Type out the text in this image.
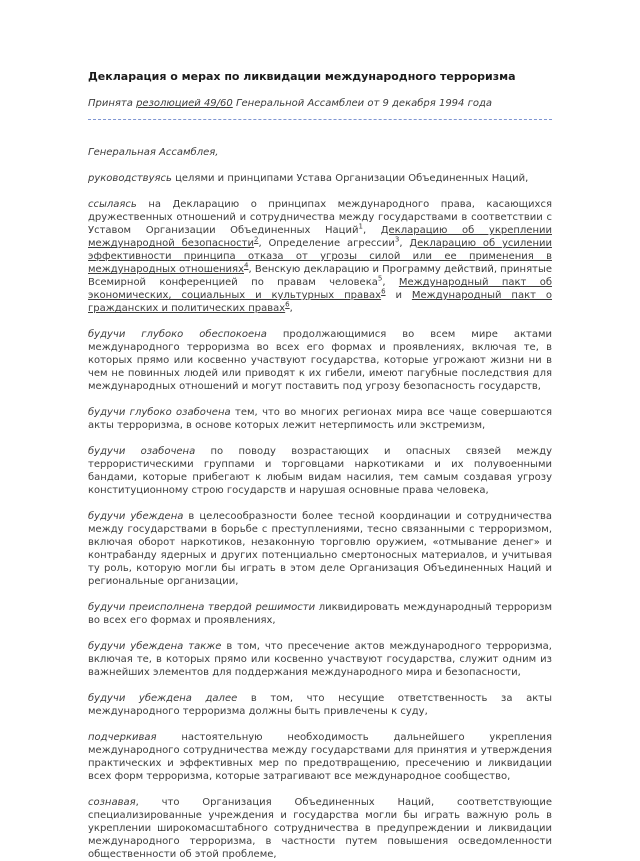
Декларация о мерах по ликвидации международного терроризма

Принята резолюцией 49/60 Генеральной Ассамблеи от 9 декабря 1994 года

Генеральная Ассамблея,

руководствуясь целями и принципами Устава Организации Объединенных Наций,

ссылаясь на Декларацию о принципах международного права, касающихся дружественных отношений и сотрудничества между государствами в соответствии с Уставом Организации Объединенных Наций$^1$, Декларацию об укреплении международной безопасности$^2$, Определение агрессии$^3$, Декларацию об усилении эффективности принципа отказа от угрозы силой или ее применения в международных отношениях$^4$, Венскую декларацию и Программу действий, принятые Всемирной конференцией по правам человека$^5$, Международный пакт об экономических, социальных и культурных правах$^6$ и Международный пакт о гражданских и политических правах$^6$,

будучи глубоко обеспокоена продолжающимися во всем мире актами международного терроризма во всех его формах и проявлениях, включая те, в которых прямо или косвенно участвуют государства, которые угрожают жизни ни в чем не повинных людей или приводят к их гибели, имеют пагубные последствия для международных отношений и могут поставить под угрозу безопасность государств,

будучи глубоко озабочена тем, что во многих регионах мира все чаще совершаются акты терроризма, в основе которых лежит нетерпимость или экстремизм,

будучи озабочена по поводу возрастающих и опасных связей между террористическими группами и торговцами наркотиками и их полувоенными бандами, которые прибегают к любым видам насилия, тем самым создавая угрозу конституционному строю государств и нарушая основные права человека,

будучи убеждена в целесообразности более тесной координации и сотрудничества между государствами в борьбе с преступлениями, тесно связанными с терроризмом, включая оборот наркотиков, незаконную торговлю оружием, «отмывание денег» и контрабанду ядерных и других потенциально смертоносных материалов, и учитывая ту роль, которую могли бы играть в этом деле Организация Объединенных Наций и региональные организации,

будучи преисполнена твердой решимости ликвидировать международный терроризм во всех его формах и проявлениях,

будучи убеждена также в том, что пресечение актов международного терроризма, включая те, в которых прямо или косвенно участвуют государства, служит одним из важнейших элементов для поддержания международного мира и безопасности,

будучи убеждена далее в том, что несущие ответственность за акты международного терроризма должны быть привлечены к суду,

подчеркивая настоятельную необходимость дальнейшего укрепления международного сотрудничества между государствами для принятия и утверждения практических и эффективных мер по предотвращению, пресечению и ликвидации всех форм терроризма, которые затрагивают все международное сообщество,

сознавая, что Организация Объединенных Наций, соответствующие специализированные учреждения и государства могли бы играть важную роль в укреплении широкомасштабного сотрудничества в предупреждении и ликвидации международного терроризма, в частности путем повышения осведомленности общественности об этой проблеме,
